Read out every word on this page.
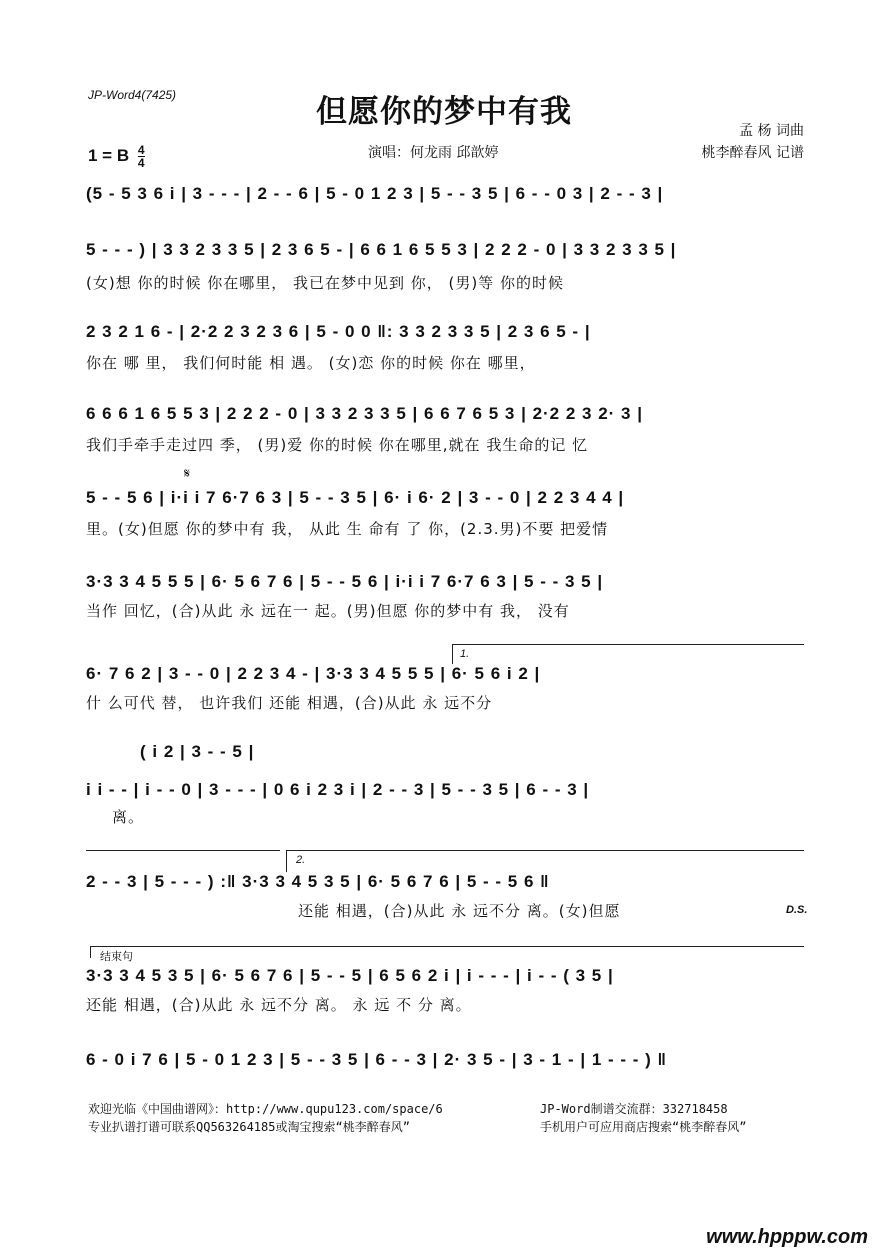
JP-Word4(7425)	但愿你的梦中有我
1 = B $\frac{4}{4}$	演唱：何龙雨 邱歆婷
孟 杨 词曲
桃李醉春风 记谱
(5 - 5 3 6 i | 3 - - - | 2 - - 6 | 5 - 0 1 2 3 | 5 - - 3 5 | 6 - - 0 3 | 2 - - 3 |
5 - - - ) | 3 3 2 3 3 5 | 2 3 6 5 - | 6 6 1 6 5 5 3 | 2 2 2 - 0 | 3 3 2 3 3 5 |
(女)想 你的时候 你在哪里， 我已在梦中见到 你， (男)等 你的时候
2 3 2 1 6 - | 2·2 2 3 2 3 6 | 5 - 0 0 ‖: 3 3 2 3 3 5 | 2 3 6 5 - |
你在 哪 里， 我们何时能 相 遇。 (女)恋 你的时候 你在 哪里，
6 6 6 1 6 5 5 3 | 2 2 2 - 0 | 3 3 2 3 3 5 | 6 6 7 6 5 3 | 2·2 2 3 2· 3 |
我们手牵手走过四 季， (男)爱 你的时候 你在哪里,就在 我生命的记 忆
𝄋
5 - - 5 6 | i·i i 7 6·7 6 3 | 5 - - 3 5 | 6· i 6· 2 | 3 - - 0 | 2 2 3 4 4 |
里。(女)但愿 你的梦中有 我， 从此 生 命有 了 你，(2.3.男)不要 把爱情
3·3 3 4 5 5 5 | 6· 5 6 7 6 | 5 - - 5 6 | i·i i 7 6·7 6 3 | 5 - - 3 5 |
当作 回忆，(合)从此 永 远在一 起。(男)但愿 你的梦中有 我， 没有
1.
6· 7 6 2 | 3 - - 0 | 2 2 3 4 - | 3·3 3 4 5 5 5 | 6· 5 6 i 2 |
什 么可代 替， 也许我们 还能 相遇，(合)从此 永 远不分
( i 2 | 3 - - 5 |
i i - - | i - - 0 | 3 - - - | 0 6 i 2 3 i | 2 - - 3 | 5 - - 3 5 | 6 - - 3 |
离。
2.
2 - - 3 | 5 - - - ) :‖ 3·3 3 4 5 3 5 | 6· 5 6 7 6 | 5 - - 5 6 ‖
还能 相遇，(合)从此 永 远不分 离。(女)但愿	D.S.
结束句
3·3 3 4 5 3 5 | 6· 5 6 7 6 | 5 - - 5 | 6 5 6 2 i | i - - - | i - - ( 3 5 |
还能 相遇，(合)从此 永 远不分 离。 永 远 不 分 离。
6 - 0 i 7 6 | 5 - 0 1 2 3 | 5 - - 3 5 | 6 - - 3 | 2· 3 5 - | 3 - 1 - | 1 - - - ) ‖
欢迎光临《中国曲谱网》：http://www.qupu123.com/space/6
专业扒谱打谱可联系QQ563264185或淘宝搜索“桃李醉春风”
JP-Word制谱交流群：332718458
手机用户可应用商店搜索“桃李醉春风”
www.hpppw.com
